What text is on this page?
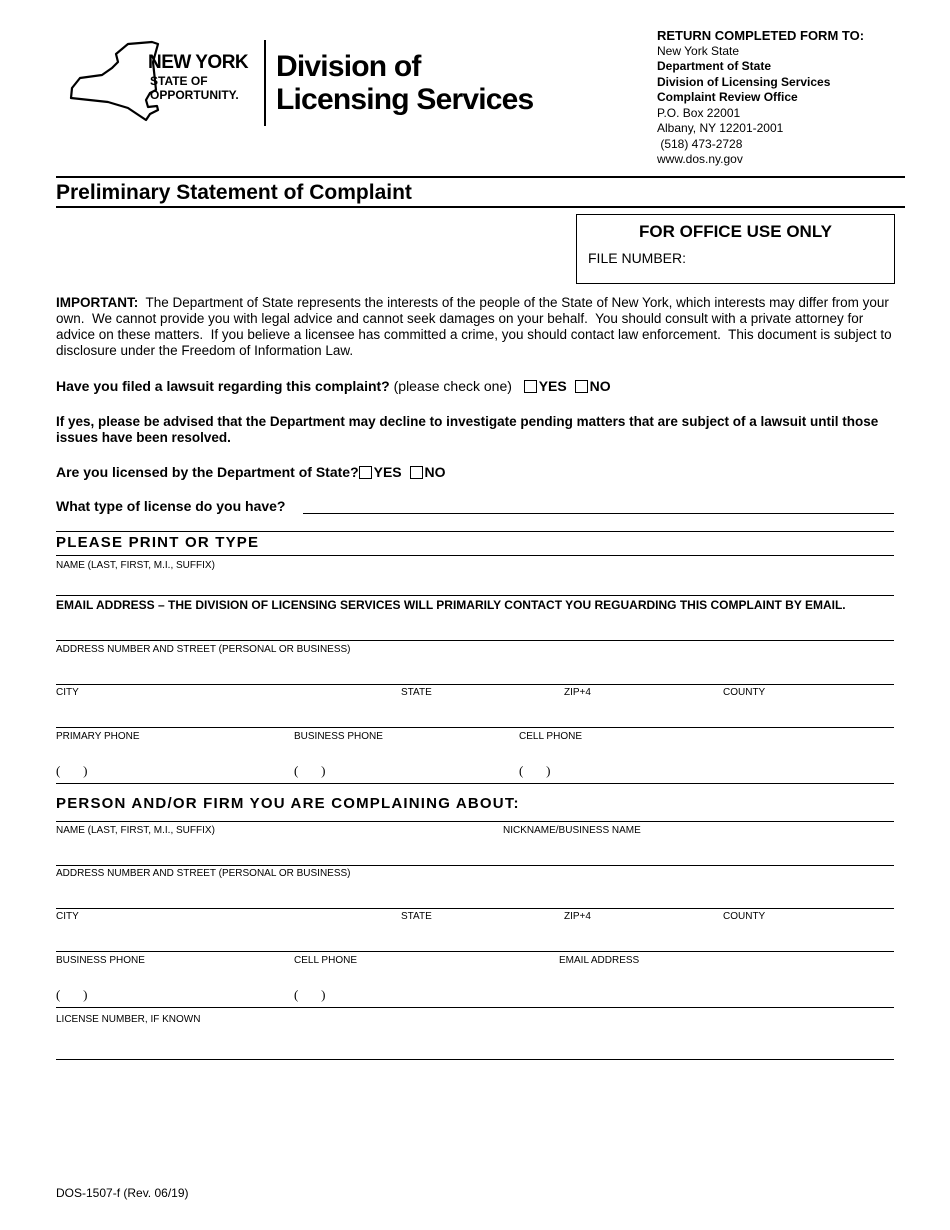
NEW YORK
STATE OF
OPPORTUNITY.
Division of
Licensing Services
RETURN COMPLETED FORM TO:
New York State
Department of State
Division of Licensing Services
Complaint Review Office
P.O. Box 22001
Albany, NY 12201-2001
(518) 473-2728
www.dos.ny.gov
Preliminary Statement of Complaint
FOR OFFICE USE ONLY
FILE NUMBER:
IMPORTANT:  The Department of State represents the interests of the people of the State of New York, which interests may differ from your own.  We cannot provide you with legal advice and cannot seek damages on your behalf.  You should consult with a private attorney for advice on these matters.  If you believe a licensee has committed a crime, you should contact law enforcement.  This document is subject to disclosure under the Freedom of Information Law.
Have you filed a lawsuit regarding this complaint? (please check one)  YES NO
If yes, please be advised that the Department may decline to investigate pending matters that are subject of a lawsuit until those issues have been resolved.
Are you licensed by the Department of State? YES NO
What type of license do you have?
PLEASE PRINT OR TYPE
NAME (LAST, FIRST, M.I., SUFFIX)
EMAIL ADDRESS – THE DIVISION OF LICENSING SERVICES WILL PRIMARILY CONTACT YOU REGUARDING THIS COMPLAINT BY EMAIL.
ADDRESS NUMBER AND STREET (PERSONAL OR BUSINESS)
CITY	STATE	ZIP+4	COUNTY
PRIMARY PHONE	BUSINESS PHONE	CELL PHONE
(       )	(       )	(       )
PERSON AND/OR FIRM YOU ARE COMPLAINING ABOUT:
NAME (LAST, FIRST, M.I., SUFFIX)	NICKNAME/BUSINESS NAME
ADDRESS NUMBER AND STREET (PERSONAL OR BUSINESS)
CITY	STATE	ZIP+4	COUNTY
BUSINESS PHONE	CELL PHONE	EMAIL ADDRESS
(       )	(       )
LICENSE NUMBER, IF KNOWN
DOS-1507-f (Rev. 06/19)
